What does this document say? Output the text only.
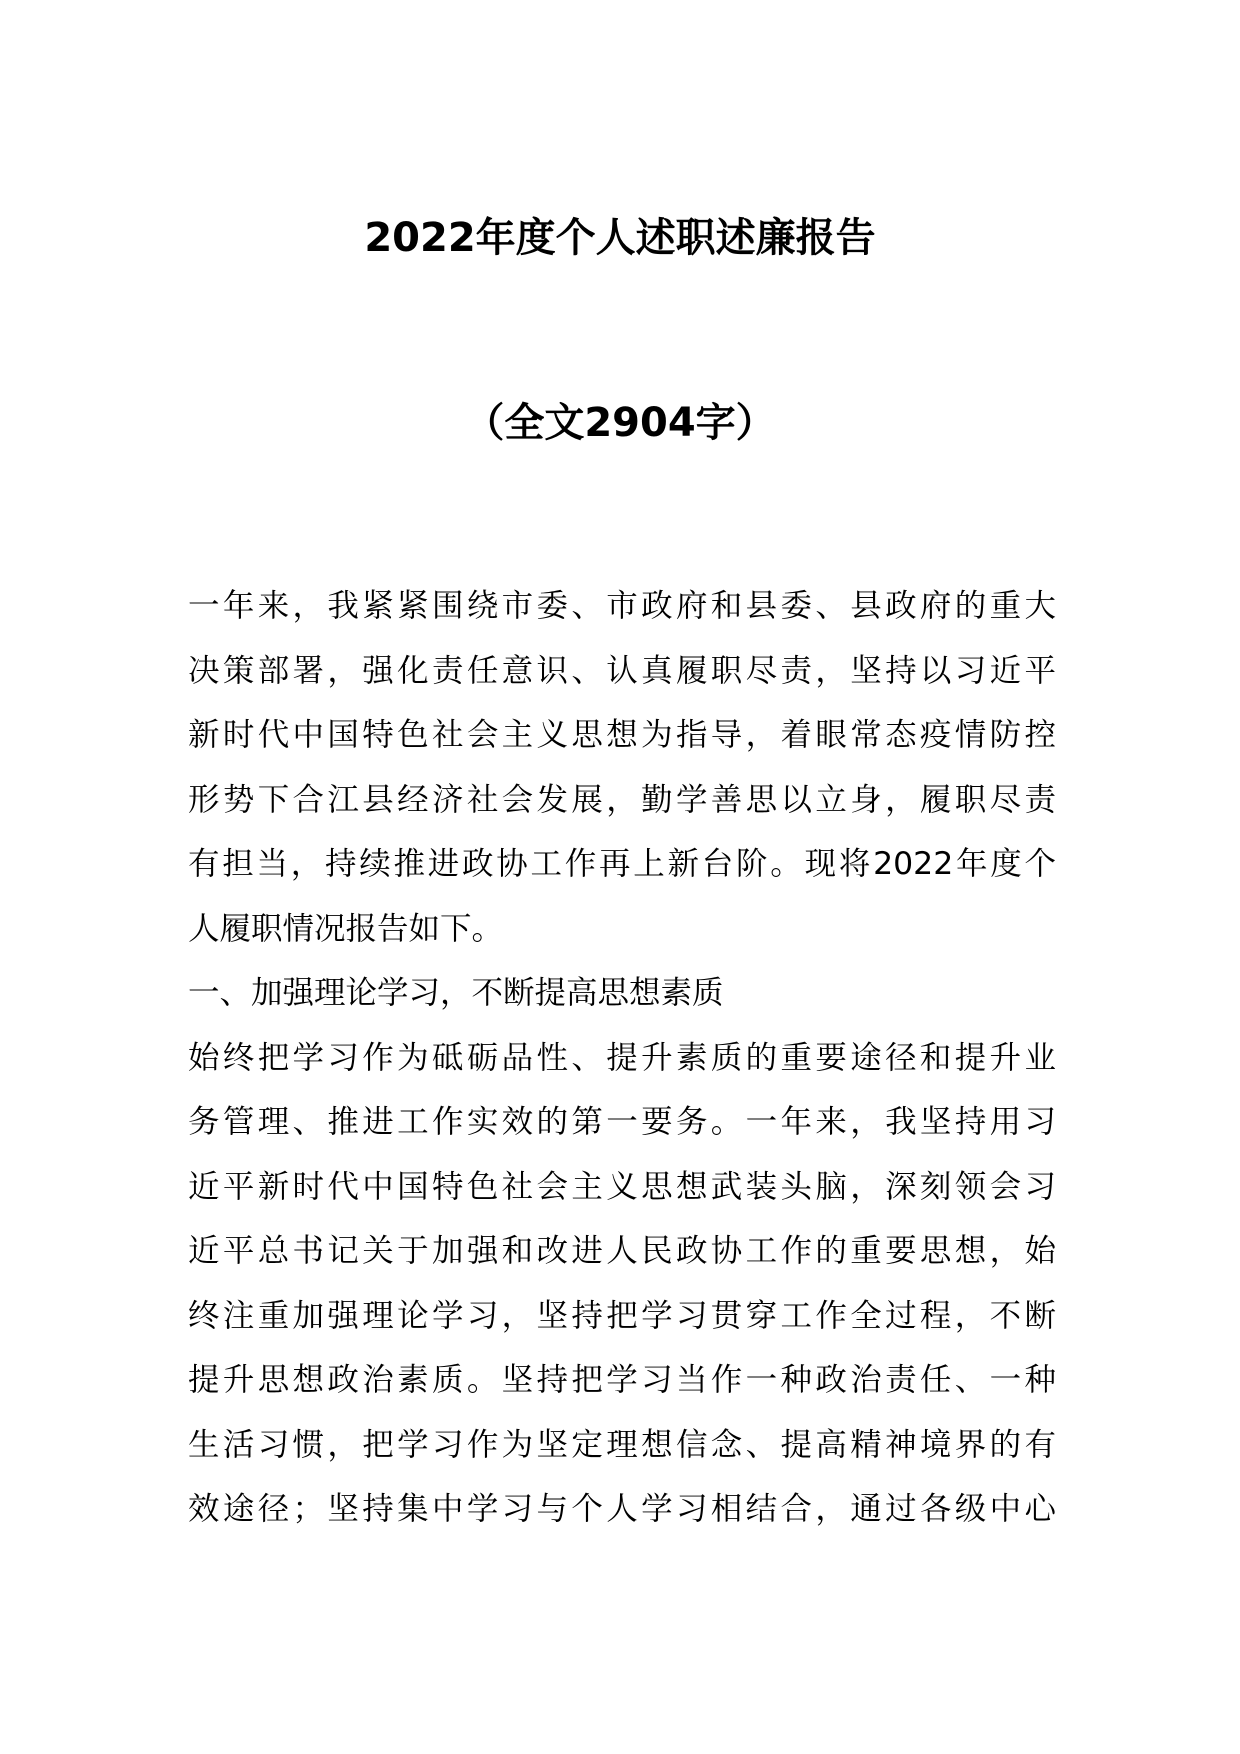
2022年度个人述职述廉报告
（全文2904字）

一年来，我紧紧围绕市委、市政府和县委、县政府的重大

决策部署，强化责任意识、认真履职尽责，坚持以习近平

新时代中国特色社会主义思想为指导，着眼常态疫情防控

形势下合江县经济社会发展，勤学善思以立身，履职尽责

有担当，持续推进政协工作再上新台阶。现将2022年度个

人履职情况报告如下。

一、加强理论学习，不断提高思想素质

始终把学习作为砥砺品性、提升素质的重要途径和提升业

务管理、推进工作实效的第一要务。一年来，我坚持用习

近平新时代中国特色社会主义思想武装头脑，深刻领会习

近平总书记关于加强和改进人民政协工作的重要思想，始

终注重加强理论学习，坚持把学习贯穿工作全过程，不断

提升思想政治素质。坚持把学习当作一种政治责任、一种

生活习惯，把学习作为坚定理想信念、提高精神境界的有

效途径；坚持集中学习与个人学习相结合，通过各级中心
